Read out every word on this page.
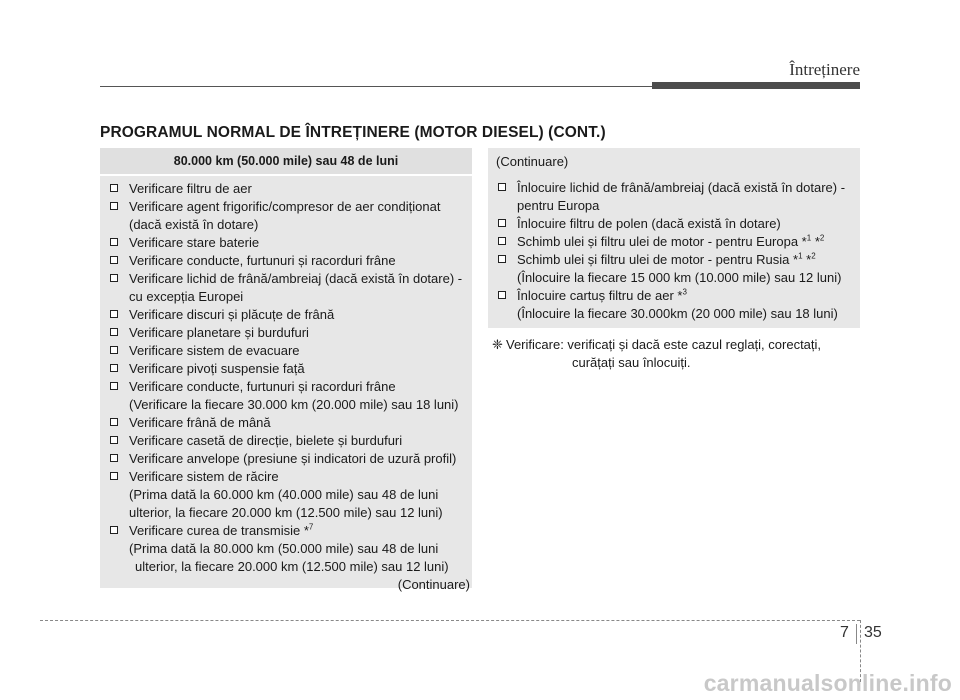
Întreținere
PROGRAMUL NORMAL DE ÎNTREȚINERE (MOTOR DIESEL) (CONT.)
80.000 km (50.000 mile) sau 48 de luni
Verificare filtru de aer
Verificare agent frigorific/compresor de aer condiționat
(dacă există în dotare)
Verificare stare baterie
Verificare conducte, furtunuri și racorduri frâne
Verificare lichid de frână/ambreiaj (dacă există în dotare) -
cu excepția Europei
Verificare discuri și plăcuțe de frână
Verificare planetare și burdufuri
Verificare sistem de evacuare
Verificare pivoți suspensie față
Verificare conducte, furtunuri și racorduri frâne
(Verificare la fiecare 30.000 km (20.000 mile) sau 18 luni)
Verificare frână de mână
Verificare casetă de direcție, bielete și burdufuri
Verificare anvelope (presiune și indicatori de uzură profil)
Verificare sistem de răcire
(Prima dată la 60.000 km (40.000 mile) sau 48 de luni
ulterior, la fiecare 20.000 km (12.500 mile) sau 12 luni)
Verificare curea de transmisie *$^7$
(Prima dată la 80.000 km (50.000 mile) sau 48 de luni
ulterior, la fiecare 20.000 km (12.500 mile) sau 12 luni)
(Continuare)
(Continuare)
Înlocuire lichid de frână/ambreiaj (dacă există în dotare) -
pentru Europa
Înlocuire filtru de polen (dacă există în dotare)
Schimb ulei și filtru ulei de motor - pentru Europa *$^1$ *$^2$
Schimb ulei și filtru ulei de motor - pentru Rusia *$^1$ *$^2$
(Înlocuire la fiecare 15 000 km (10.000 mile) sau 12 luni)
Înlocuire cartuș filtru de aer *$^3$
(Înlocuire la fiecare 30.000km (20 000 mile) sau 18 luni)
❈ Verificare: verificați și dacă este cazul reglați, corectați,
curățați sau înlocuiți.
7 35
carmanualsonline.info
